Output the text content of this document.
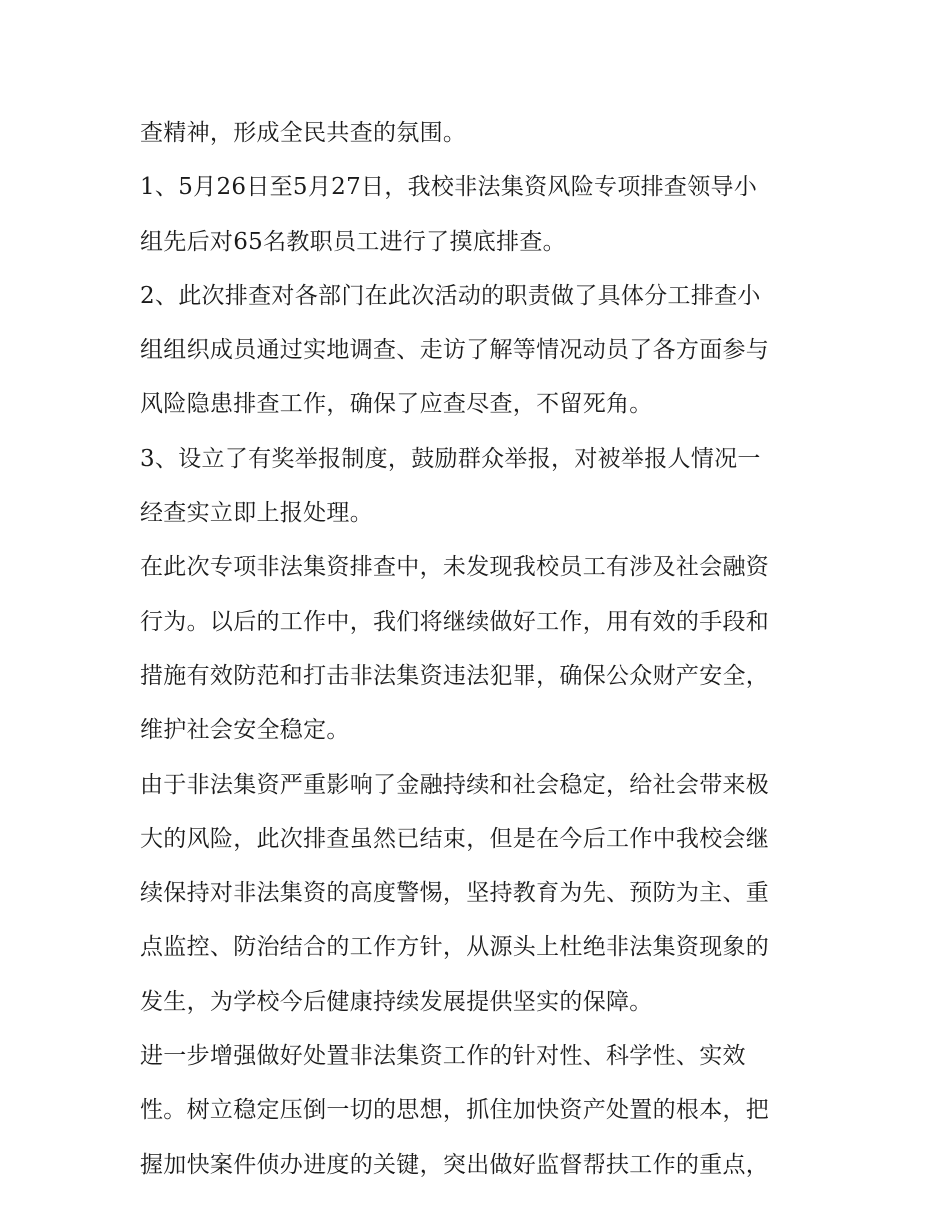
查精神，形成全民共查的氛围。
1、5月26日至5月27日，我校非法集资风险专项排查领导小
组先后对65名教职员工进行了摸底排查。
2、此次排查对各部门在此次活动的职责做了具体分工排查小
组组织成员通过实地调查、走访了解等情况动员了各方面参与
风险隐患排查工作，确保了应查尽查，不留死角。
3、设立了有奖举报制度，鼓励群众举报，对被举报人情况一
经查实立即上报处理。
在此次专项非法集资排查中，未发现我校员工有涉及社会融资
行为。以后的工作中，我们将继续做好工作，用有效的手段和
措施有效防范和打击非法集资违法犯罪，确保公众财产安全，
维护社会安全稳定。
由于非法集资严重影响了金融持续和社会稳定，给社会带来极
大的风险，此次排查虽然已结束，但是在今后工作中我校会继
续保持对非法集资的高度警惕，坚持教育为先、预防为主、重
点监控、防治结合的工作方针，从源头上杜绝非法集资现象的
发生，为学校今后健康持续发展提供坚实的保障。
进一步增强做好处置非法集资工作的针对性、科学性、实效
性。树立稳定压倒一切的思想，抓住加快资产处置的根本，把
握加快案件侦办进度的关键，突出做好监督帮扶工作的重点，
